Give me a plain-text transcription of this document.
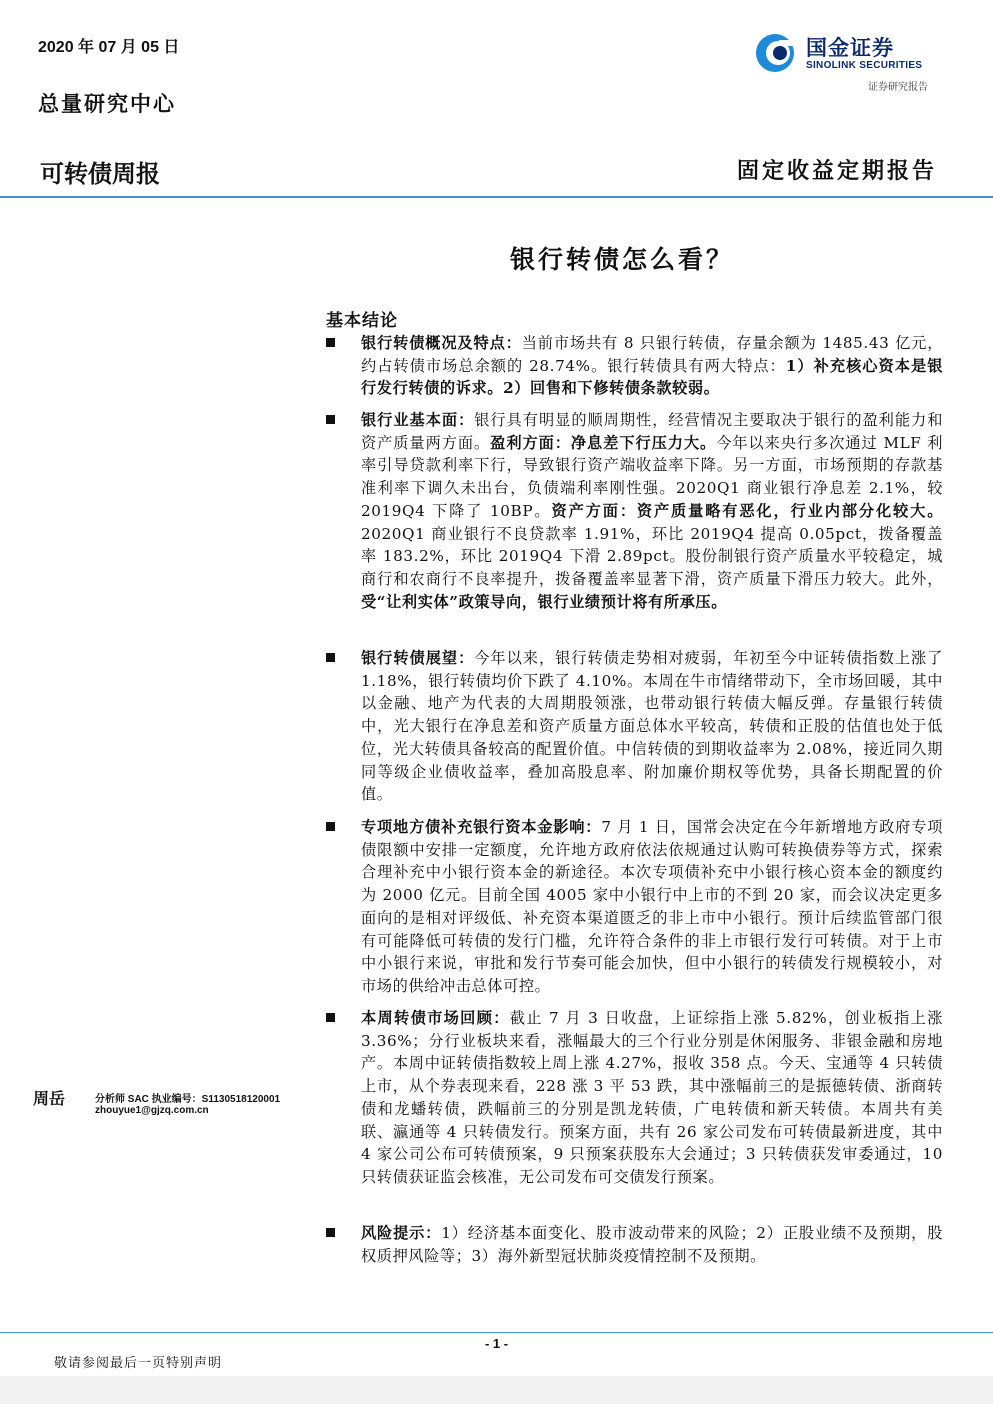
2020 年 07 月 05 日
总量研究中心
可转债周报	固定收益定期报告
国金证券
SINOLINK SECURITIES
证券研究报告
银行转债怎么看？
基本结论
银行转债概况及特点：当前市场共有 8 只银行转债，存量余额为 1485.43 亿元，约占转债市场总余额的 28.74%。银行转债具有两大特点：1）补充核心资本是银行发行转债的诉求。2）回售和下修转债条款较弱。
银行业基本面：银行具有明显的顺周期性，经营情况主要取决于银行的盈利能力和资产质量两方面。盈利方面：净息差下行压力大。今年以来央行多次通过 MLF 利率引导贷款利率下行，导致银行资产端收益率下降。另一方面，市场预期的存款基准利率下调久未出台，负债端利率刚性强。2020Q1 商业银行净息差 2.1%，较 2019Q4 下降了 10BP。资产方面：资产质量略有恶化，行业内部分化较大。2020Q1 商业银行不良贷款率 1.91%，环比 2019Q4 提高 0.05pct，拨备覆盖率 183.2%，环比 2019Q4 下滑 2.89pct。股份制银行资产质量水平较稳定，城商行和农商行不良率提升，拨备覆盖率显著下滑，资产质量下滑压力较大。此外，受“让利实体”政策导向，银行业绩预计将有所承压。
银行转债展望：今年以来，银行转债走势相对疲弱，年初至今中证转债指数上涨了 1.18%，银行转债均价下跌了 4.10%。本周在牛市情绪带动下，全市场回暖，其中以金融、地产为代表的大周期股领涨，也带动银行转债大幅反弹。存量银行转债中，光大银行在净息差和资产质量方面总体水平较高，转债和正股的估值也处于低位，光大转债具备较高的配置价值。中信转债的到期收益率为 2.08%，接近同久期同等级企业债收益率，叠加高股息率、附加廉价期权等优势，具备长期配置的价值。
专项地方债补充银行资本金影响：7 月 1 日，国常会决定在今年新增地方政府专项债限额中安排一定额度，允许地方政府依法依规通过认购可转换债券等方式，探索合理补充中小银行资本金的新途径。本次专项债补充中小银行核心资本金的额度约为 2000 亿元。目前全国 4005 家中小银行中上市的不到 20 家，而会议决定更多面向的是相对评级低、补充资本渠道匮乏的非上市中小银行。预计后续监管部门很有可能降低可转债的发行门槛，允许符合条件的非上市银行发行可转债。对于上市中小银行来说，审批和发行节奏可能会加快，但中小银行的转债发行规模较小，对市场的供给冲击总体可控。
本周转债市场回顾：截止 7 月 3 日收盘，上证综指上涨 5.82%，创业板指上涨 3.36%；分行业板块来看，涨幅最大的三个行业分别是休闲服务、非银金融和房地产。本周中证转债指数较上周上涨 4.27%，报收 358 点。今天、宝通等 4 只转债上市，从个券表现来看，228 涨 3 平 53 跌，其中涨幅前三的是振德转债、浙商转债和龙蟠转债，跌幅前三的分别是凯龙转债，广电转债和新天转债。本周共有美联、瀛通等 4 只转债发行。预案方面，共有 26 家公司发布可转债最新进度，其中 4 家公司公布可转债预案，9 只预案获股东大会通过；3 只转债获发审委通过，10 只转债获证监会核准，无公司发布可交债发行预案。
风险提示：1）经济基本面变化、股市波动带来的风险；2）正股业绩不及预期，股权质押风险等；3）海外新型冠状肺炎疫情控制不及预期。
周岳	分析师 SAC 执业编号：S1130518120001
zhouyue1@gjzq.com.cn
- 1 -
敬请参阅最后一页特别声明
